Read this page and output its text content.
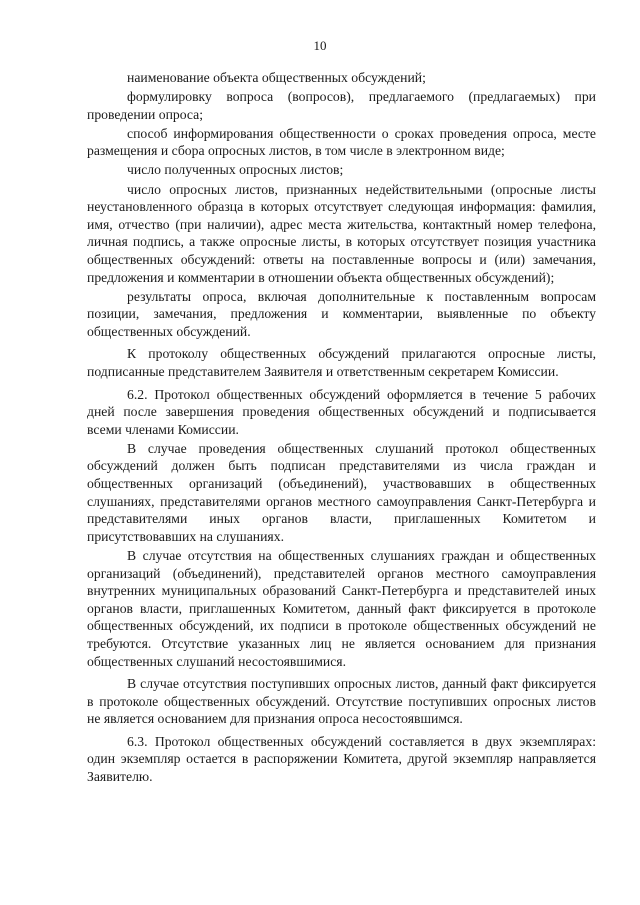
10

наименование объекта общественных обсуждений;

формулировку вопроса (вопросов), предлагаемого (предлагаемых) при проведении опроса;

способ информирования общественности о сроках проведения опроса, месте размещения и сбора опросных листов, в том числе в электронном виде;

число полученных опросных листов;

число опросных листов, признанных недействительными (опросные листы неустановленного образца в которых отсутствует следующая информация: фамилия, имя, отчество (при наличии), адрес места жительства, контактный номер телефона, личная подпись, а также опросные листы, в которых отсутствует позиция участника общественных обсуждений: ответы на поставленные вопросы и (или) замечания, предложения и комментарии в отношении объекта общественных обсуждений);

результаты опроса, включая дополнительные к поставленным вопросам позиции, замечания, предложения и комментарии, выявленные по объекту общественных обсуждений.

К протоколу общественных обсуждений прилагаются опросные листы, подписанные представителем Заявителя и ответственным секретарем Комиссии.

6.2. Протокол общественных обсуждений оформляется в течение 5 рабочих дней после завершения проведения общественных обсуждений и подписывается всеми членами Комиссии.

В случае проведения общественных слушаний протокол общественных обсуждений должен быть подписан представителями из числа граждан и общественных организаций (объединений), участвовавших в общественных слушаниях, представителями органов местного самоуправления Санкт-Петербурга и представителями иных органов власти, приглашенных Комитетом и присутствовавших на слушаниях.

В случае отсутствия на общественных слушаниях граждан и общественных организаций (объединений), представителей органов местного самоуправления внутренних муниципальных образований Санкт-Петербурга и представителей иных органов власти, приглашенных Комитетом, данный факт фиксируется в протоколе общественных обсуждений, их подписи в протоколе общественных обсуждений не требуются. Отсутствие указанных лиц не является основанием для признания общественных слушаний несостоявшимися.

В случае отсутствия поступивших опросных листов, данный факт фиксируется в протоколе общественных обсуждений. Отсутствие поступивших опросных листов не является основанием для признания опроса несостоявшимся.

6.3. Протокол общественных обсуждений составляется в двух экземплярах: один экземпляр остается в распоряжении Комитета, другой экземпляр направляется Заявителю.
